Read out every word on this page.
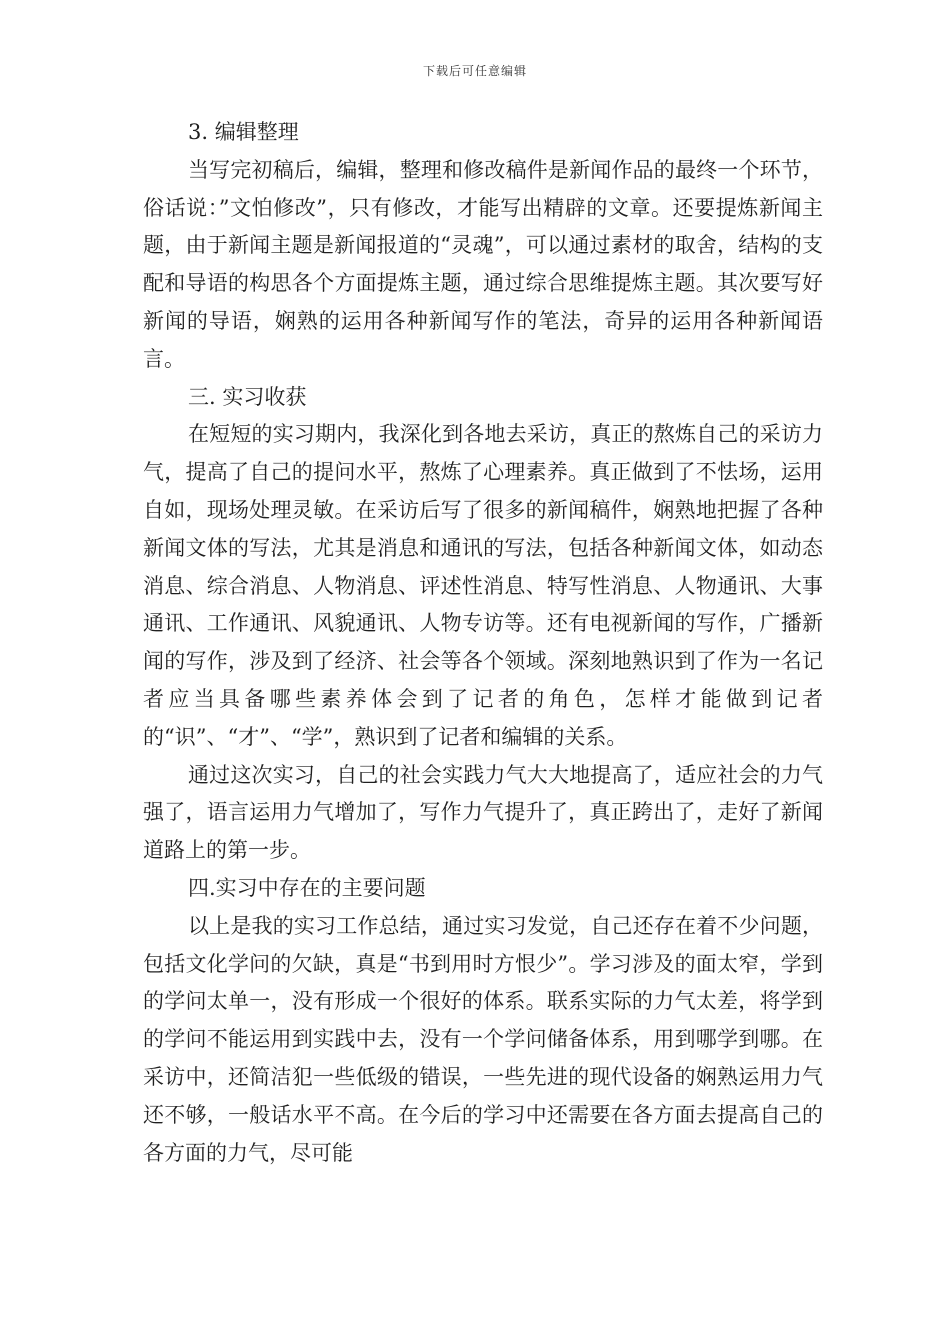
下载后可任意编辑

3. 编辑整理

当写完初稿后，编辑，整理和修改稿件是新闻作品的最终一个环节，俗话说：”文怕修改”，只有修改，才能写出精辟的文章。还要提炼新闻主题，由于新闻主题是新闻报道的“灵魂”，可以通过素材的取舍，结构的支配和导语的构思各个方面提炼主题，通过综合思维提炼主题。其次要写好新闻的导语，娴熟的运用各种新闻写作的笔法，奇异的运用各种新闻语言。

三. 实习收获

在短短的实习期内，我深化到各地去采访，真正的熬炼自己的采访力气，提高了自己的提问水平，熬炼了心理素养。真正做到了不怯场，运用自如，现场处理灵敏。在采访后写了很多的新闻稿件，娴熟地把握了各种新闻文体的写法，尤其是消息和通讯的写法，包括各种新闻文体，如动态消息、综合消息、人物消息、评述性消息、特写性消息、人物通讯、大事通讯、工作通讯、风貌通讯、人物专访等。还有电视新闻的写作，广播新闻的写作，涉及到了经济、社会等各个领域。深刻地熟识到了作为一名记者应当具备哪些素养体会到了记者的角色，怎样才能做到记者的“识”、“才”、“学”，熟识到了记者和编辑的关系。

通过这次实习，自己的社会实践力气大大地提高了，适应社会的力气强了，语言运用力气增加了，写作力气提升了，真正跨出了，走好了新闻道路上的第一步。

四.实习中存在的主要问题

以上是我的实习工作总结，通过实习发觉，自己还存在着不少问题，包括文化学问的欠缺，真是“书到用时方恨少”。学习涉及的面太窄，学到的学问太单一，没有形成一个很好的体系。联系实际的力气太差，将学到的学问不能运用到实践中去，没有一个学问储备体系，用到哪学到哪。在采访中，还简洁犯一些低级的错误，一些先进的现代设备的娴熟运用力气还不够，一般话水平不高。在今后的学习中还需要在各方面去提高自己的各方面的力气，尽可能
